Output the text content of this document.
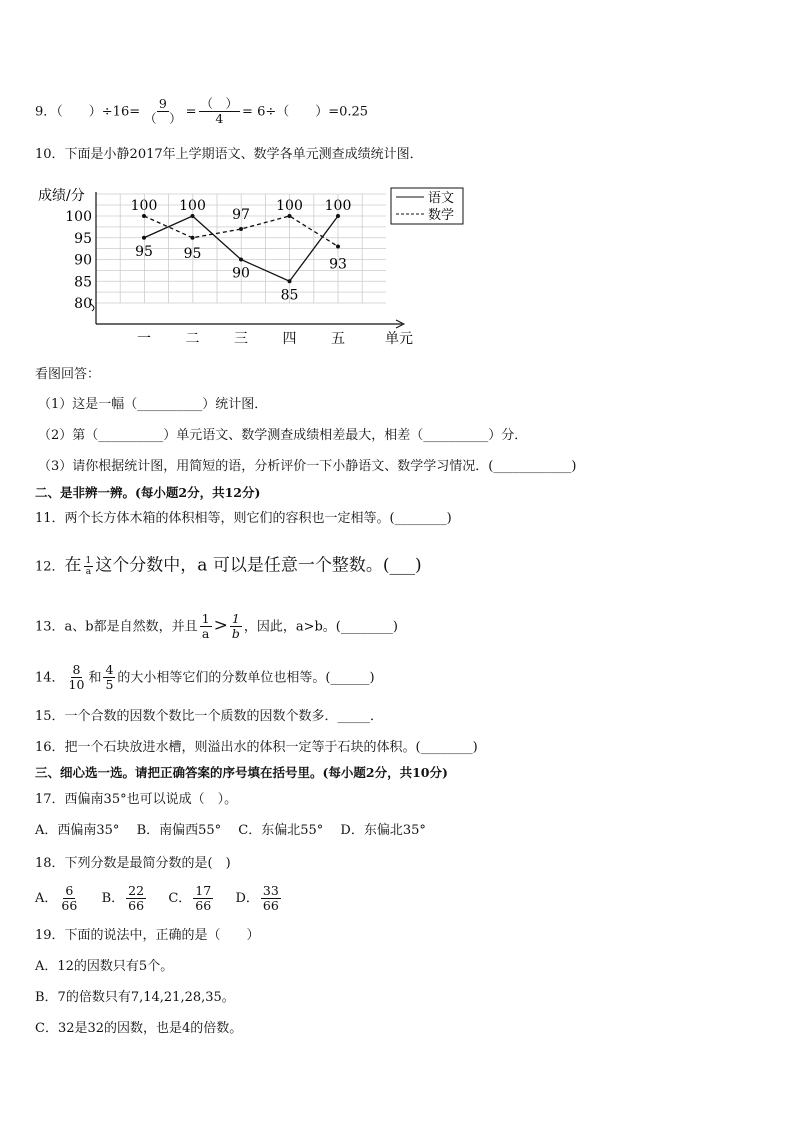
9．（　　）$\div 16= \frac{9}{( )} = \frac{( )}{4} = 6\div$（　　）=0.25
10．下面是小静2017年上学期语文、数学各单元测查成绩统计图．
成绩/分
单元
80
85
90
95
100
一 二 三 四 五
95
100
90
85
100
100
97
93
95
100	语文
数学
看图回答：
（1）这是一幅（__________）统计图．
（2）第（__________）单元语文、数学测查成绩相差最大，相差（__________）分．
（3）请你根据统计图，用简短的语，分析评价一下小静语文、数学学习情况．(____________)
二、是非辨一辨。(每小题2分，共12分)
11．两个长方体木箱的体积相等，则它们的容积也一定相等。(________)
12．在 $\frac{1}{a}$ 这个分数中，a 可以是任意一个整数。(___)
13．a、b都是自然数，并且 $\frac{1}{a} > \frac{1}{b}$ ，因此，a>b。(________)
14． $\frac{8}{10}$ 和 $\frac{4}{5}$ 的大小相等它们的分数单位也相等。(______)
15．一个合数的因数个数比一个质数的因数个数多．_____．
16．把一个石块放进水槽，则溢出水的体积一定等于石块的体积。(________)
三、细心选一选。请把正确答案的序号填在括号里。(每小题2分，共10分)
17．西偏南35°也可以说成（　）。
A．西偏南35°　 B．南偏西55°　 C．东偏北55°　 D．东偏北35°
18．下列分数是最简分数的是(　)
A． $\frac{6}{66}$ B． $\frac{22}{66}$ C． $\frac{17}{66}$ D． $\frac{33}{66}$
19．下面的说法中，正确的是（　　）
A．12的因数只有5个。
B．7的倍数只有7,14,21,28,35。
C．32是32的因数，也是4的倍数。
